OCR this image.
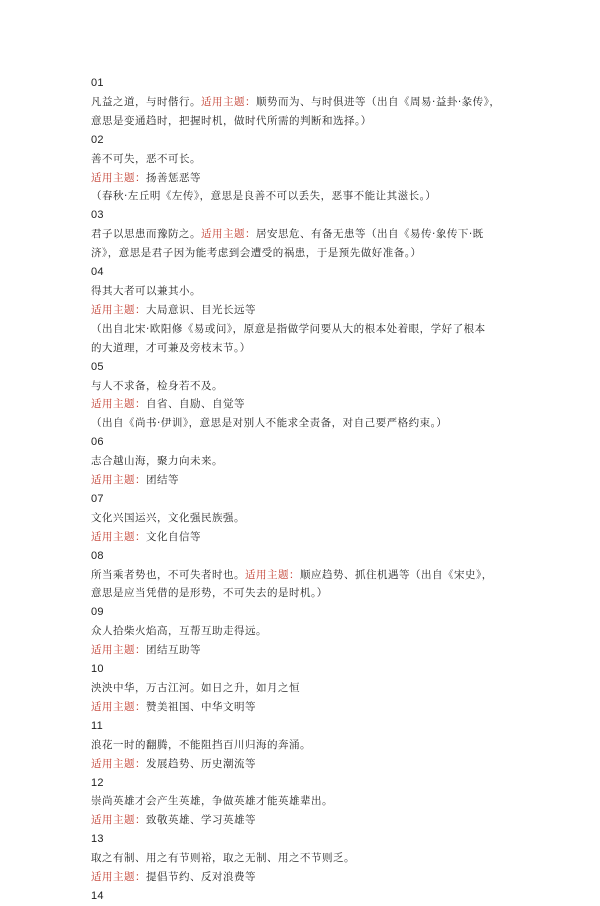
01
凡益之道，与时偕行。适用主题：顺势而为、与时俱进等（出自《周易·益卦·彖传》，
意思是变通趋时，把握时机，做时代所需的判断和选择。）
02
善不可失，恶不可长。
适用主题：扬善惩恶等
（春秋·左丘明《左传》，意思是良善不可以丢失，恶事不能让其滋长。）
03
君子以思患而豫防之。适用主题：居安思危、有备无患等（出自《易传·象传下·既
济》，意思是君子因为能考虑到会遭受的祸患，于是预先做好准备。）
04
得其大者可以兼其小。
适用主题：大局意识、目光长远等
（出自北宋·欧阳修《易或问》，原意是指做学问要从大的根本处着眼，学好了根本
的大道理，才可兼及旁枝末节。）
05
与人不求备，检身若不及。
适用主题：自省、自励、自觉等
（出自《尚书·伊训》，意思是对别人不能求全责备，对自己要严格约束。）
06
志合越山海，聚力向未来。
适用主题：团结等
07
文化兴国运兴，文化强民族强。
适用主题：文化自信等
08
所当乘者势也，不可失者时也。适用主题：顺应趋势、抓住机遇等（出自《宋史》，
意思是应当凭借的是形势，不可失去的是时机。）
09
众人拾柴火焰高，互帮互助走得远。
适用主题：团结互助等
10
泱泱中华，万古江河。如日之升，如月之恒
适用主题：赞美祖国、中华文明等
11
浪花一时的翻腾，不能阻挡百川归海的奔涌。
适用主题：发展趋势、历史潮流等
12
崇尚英雄才会产生英雄，争做英雄才能英雄辈出。
适用主题：致敬英雄、学习英雄等
13
取之有制、用之有节则裕，取之无制、用之不节则乏。
适用主题：提倡节约、反对浪费等
14
